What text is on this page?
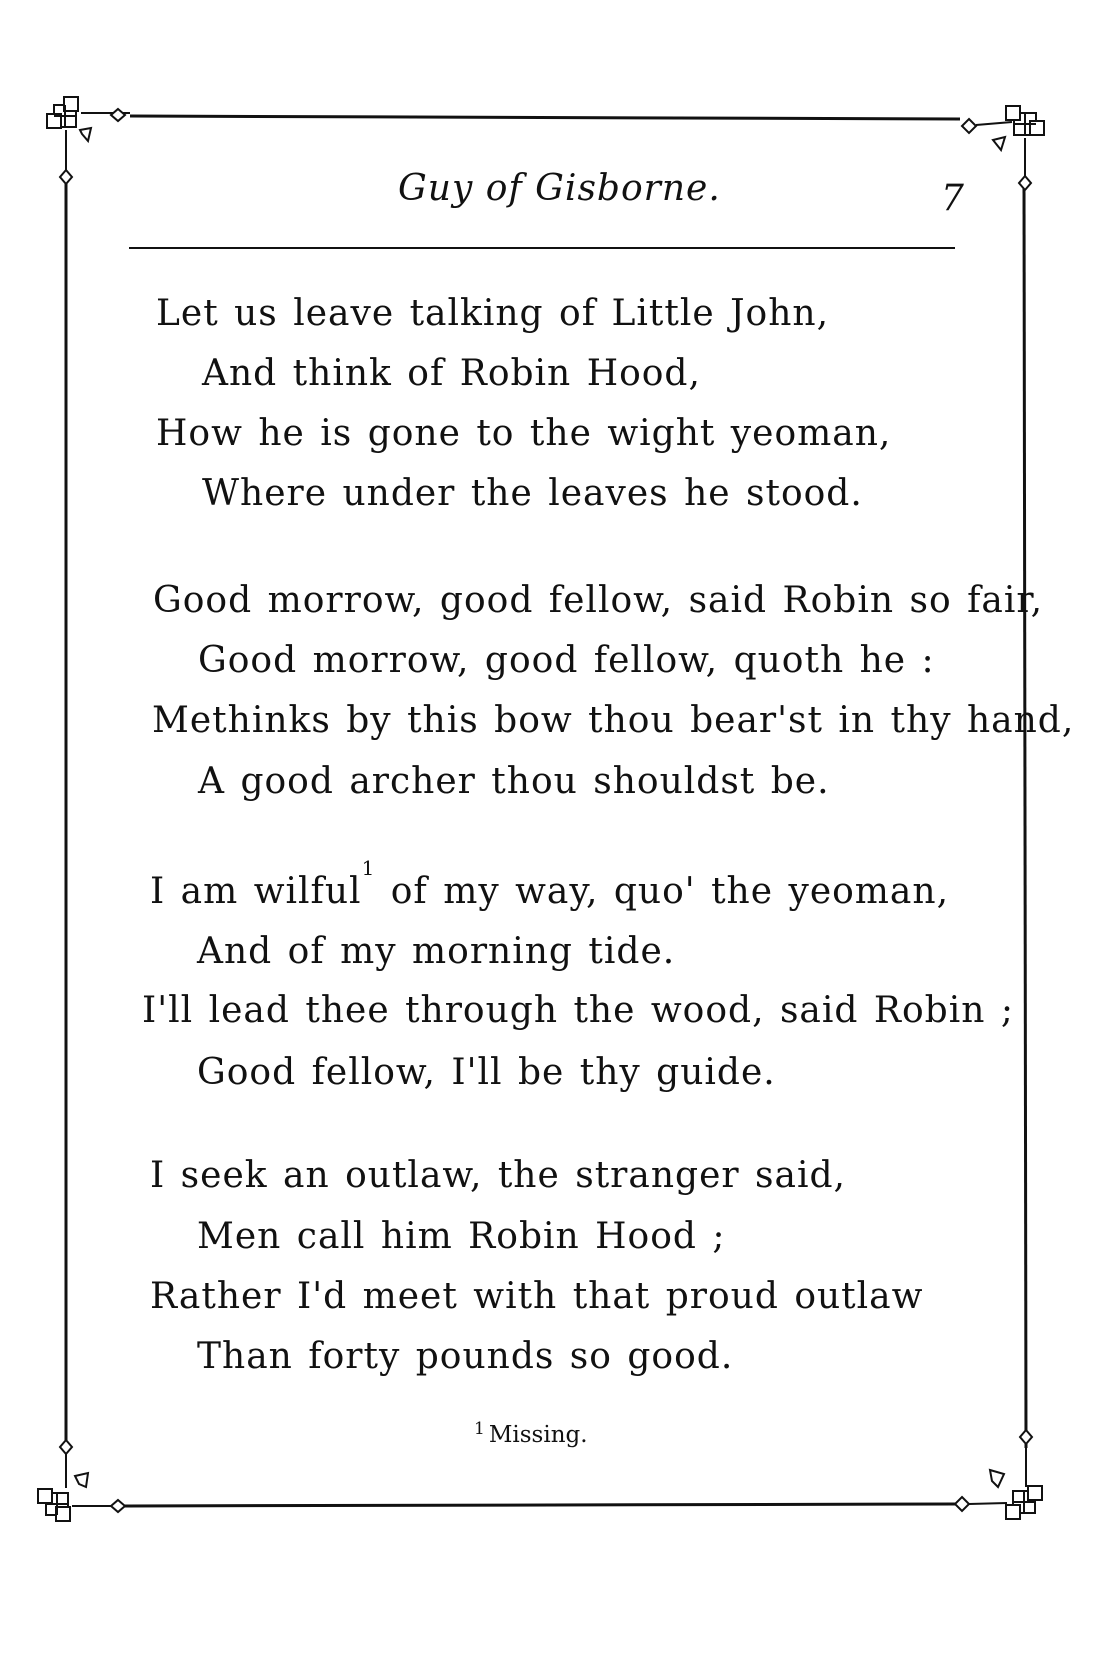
Guy of Gisborne.	7
Let us leave talking of Little John,
And think of Robin Hood,
How he is gone to the wight yeoman,
Where under the leaves he stood.
Good morrow, good fellow, said Robin so fair,
Good morrow, good fellow, quoth he :
Methinks by this bow thou bear'st in thy hand,
A good archer thou shouldst be.
I am wilful$^1$ of my way, quo' the yeoman,
And of my morning tide.
I'll lead thee through the wood, said Robin ;
Good fellow, I'll be thy guide.
I seek an outlaw, the stranger said,
Men call him Robin Hood ;
Rather I'd meet with that proud outlaw
Than forty pounds so good.
$^1$ Missing.
